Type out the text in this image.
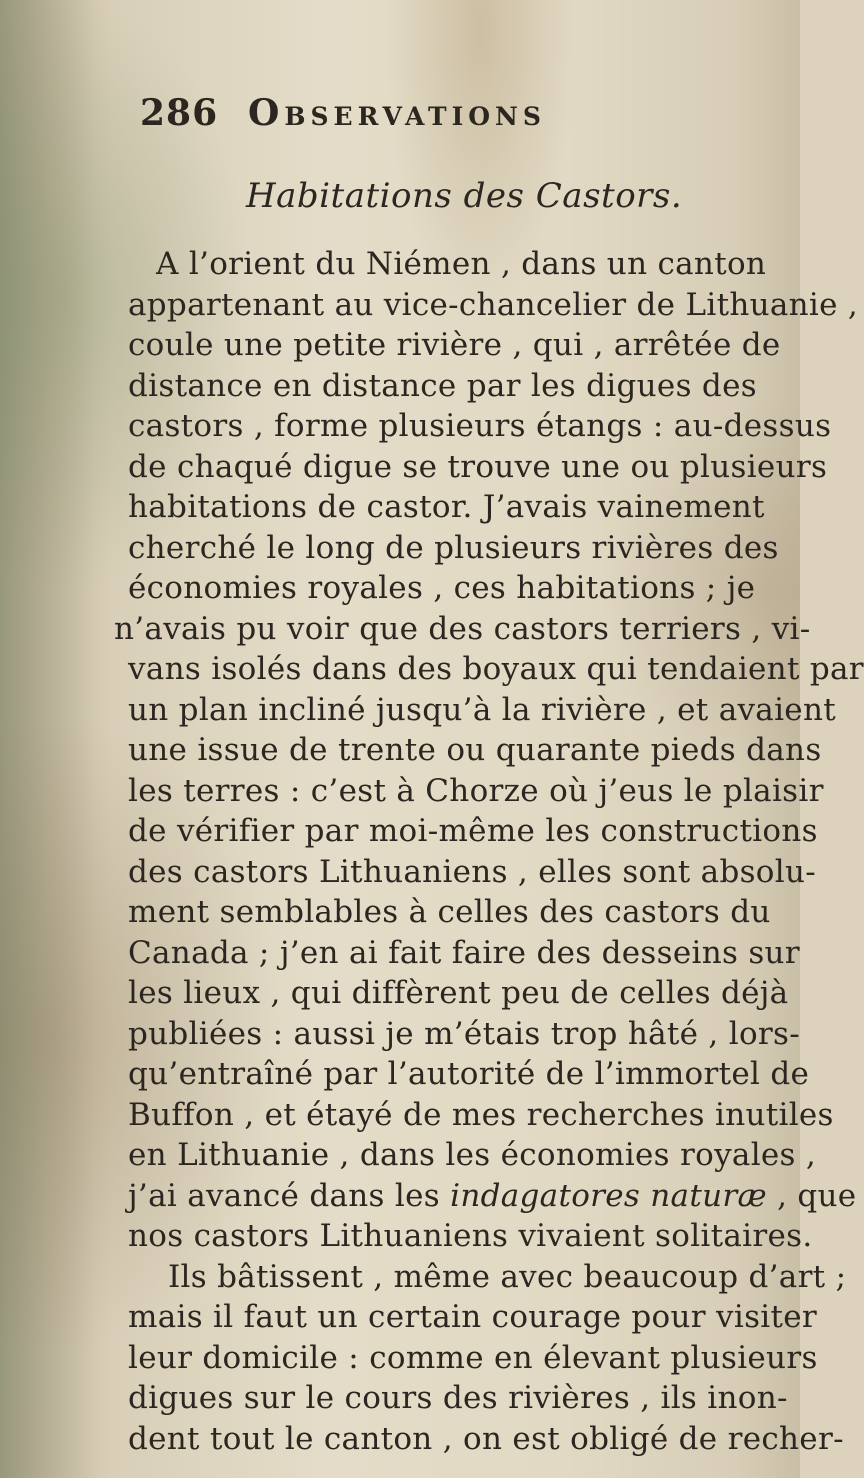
286 Observations
Habitations des Castors.
A l’orient du Niémen , dans un canton
appartenant au vice-chancelier de Lithuanie ,
coule une petite rivière , qui , arrêtée de
distance en distance par les digues des
castors , forme plusieurs étangs : au-dessus
de chaqué digue se trouve une ou plusieurs
habitations de castor. J’avais vainement
cherché le long de plusieurs rivières des
économies royales , ces habitations ; je
n’avais pu voir que des castors terriers , vi-
vans isolés dans des boyaux qui tendaient par
un plan incliné jusqu’à la rivière , et avaient
une issue de trente ou quarante pieds dans
les terres : c’est à Chorze où j’eus le plaisir
de vérifier par moi-même les constructions
des castors Lithuaniens , elles sont absolu-
ment semblables à celles des castors du
Canada ; j’en ai fait faire des desseins sur
les lieux , qui diffèrent peu de celles déjà
publiées : aussi je m’étais trop hâté , lors-
qu’entraîné par l’autorité de l’immortel de
Buffon , et étayé de mes recherches inutiles
en Lithuanie , dans les économies royales ,
j’ai avancé dans les indagatores naturæ , que
nos castors Lithuaniens vivaient solitaires.
Ils bâtissent , même avec beaucoup d’art ;
mais il faut un certain courage pour visiter
leur domicile : comme en élevant plusieurs
digues sur le cours des rivières , ils inon-
dent tout le canton , on est obligé de recher-
